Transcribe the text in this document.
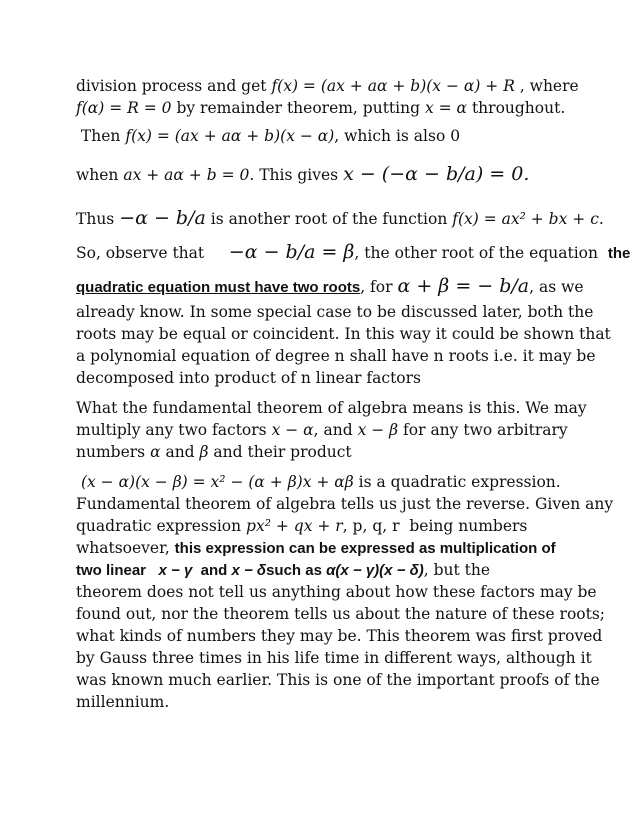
division process and get f(x) = (ax + aα + b)(x − α) + R , where

f(α) = R = 0 by remainder theorem, putting x = α throughout.

Then f(x) = (ax + aα + b)(x − α), which is also 0

when ax + aα + b = 0. This gives x − (−α − b/a) = 0.

Thus −α − b/a is another root of the function f(x) = ax² + bx + c.

So, observe that     −α − b/a = β, the other root of the equation  the

quadratic equation must have two roots, for α + β = − b/a, as we

already know. In some special case to be discussed later, both the

roots may be equal or coincident. In this way it could be shown that

a polynomial equation of degree n shall have n roots i.e. it may be

decomposed into product of n linear factors

What the fundamental theorem of algebra means is this. We may

multiply any two factors x − α, and x − β for any two arbitrary

numbers α and β and their product

(x − α)(x − β) = x² − (α + β)x + αβ is a quadratic expression.

Fundamental theorem of algebra tells us just the reverse. Given any

quadratic expression px² + qx + r, p, q, r  being numbers

whatsoever, this expression can be expressed as multiplication of

two linear   x − γ  and x − δsuch as α(x − γ)(x − δ), but the

theorem does not tell us anything about how these factors may be

found out, nor the theorem tells us about the nature of these roots;

what kinds of numbers they may be. This theorem was first proved

by Gauss three times in his life time in different ways, although it

was known much earlier. This is one of the important proofs of the

millennium.
